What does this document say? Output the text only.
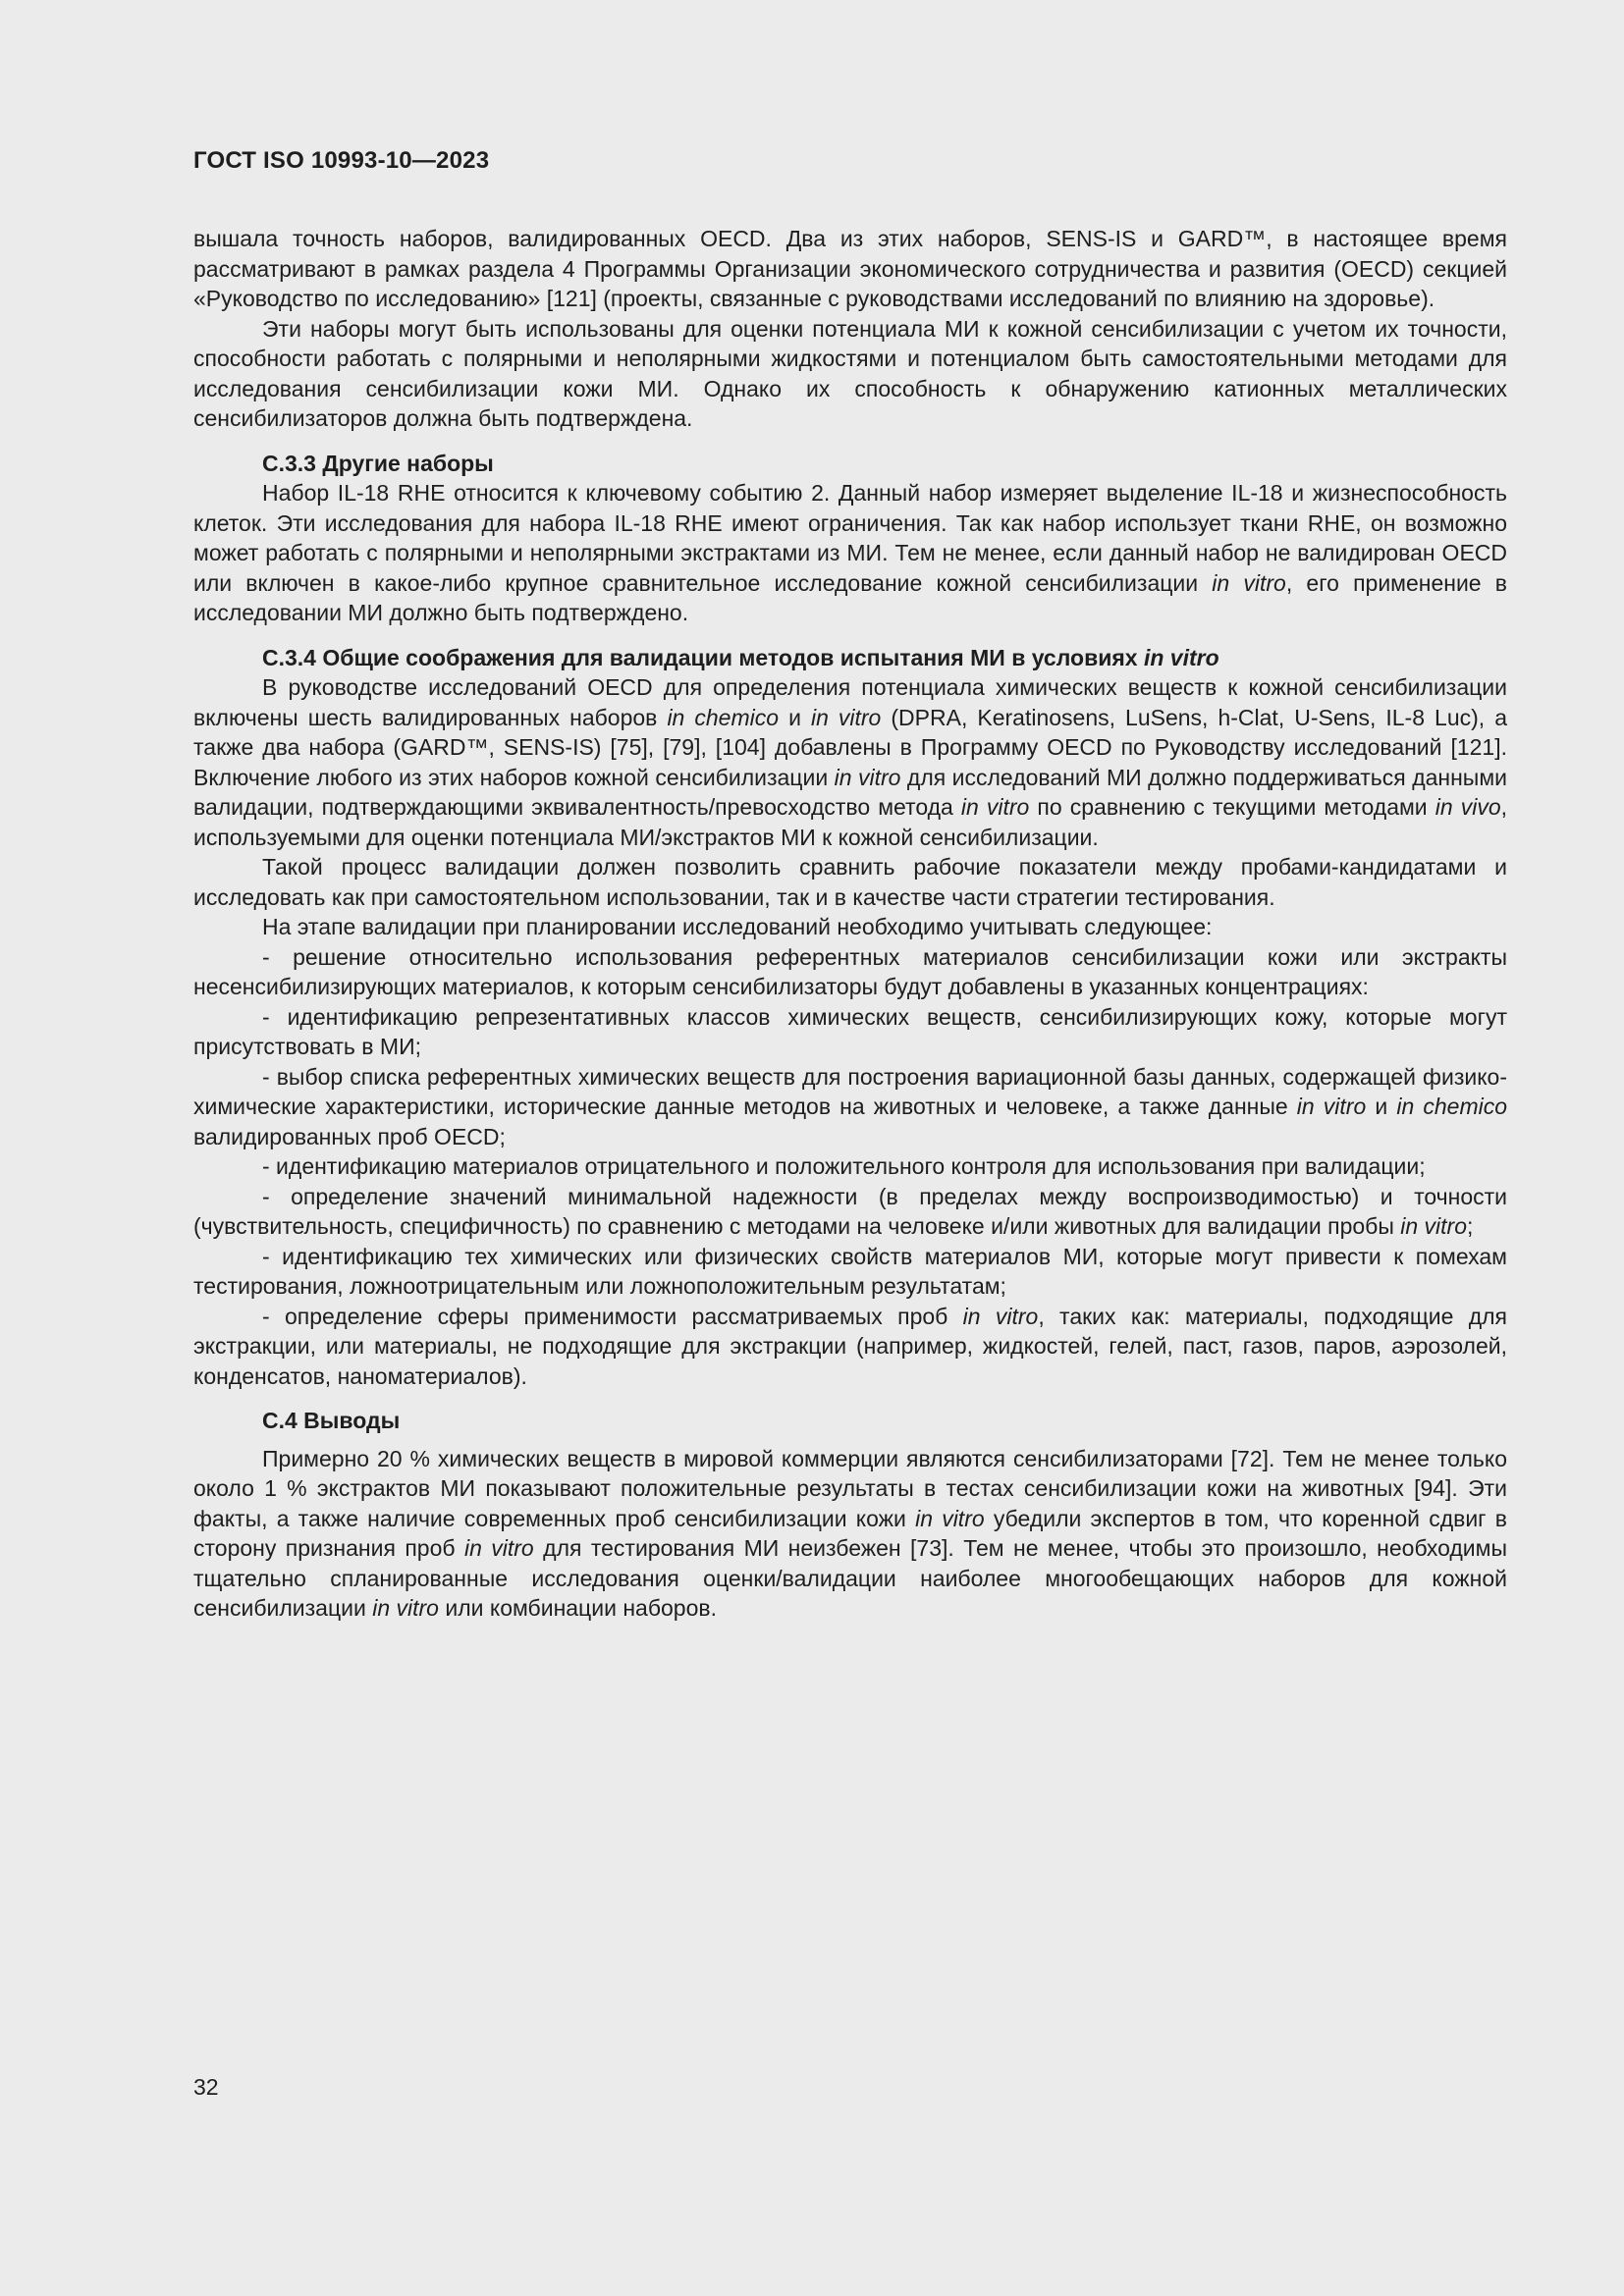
ГОСТ ISO 10993-10—2023

вышала точность наборов, валидированных OECD. Два из этих наборов, SENS-IS и GARD™, в настоящее время рассматривают в рамках раздела 4 Программы Организации экономического сотрудничества и развития (OECD) секцией «Руководство по исследованию» [121] (проекты, связанные с руководствами исследований по влиянию на здоровье).

Эти наборы могут быть использованы для оценки потенциала МИ к кожной сенсибилизации с учетом их точности, способности работать с полярными и неполярными жидкостями и потенциалом быть самостоятельными методами для исследования сенсибилизации кожи МИ. Однако их способность к обнаружению катионных металлических сенсибилизаторов должна быть подтверждена.

С.3.3 Другие наборы

Набор IL-18 RHE относится к ключевому событию 2. Данный набор измеряет выделение IL-18 и жизнеспособность клеток. Эти исследования для набора IL-18 RHE имеют ограничения. Так как набор использует ткани RHE, он возможно может работать с полярными и неполярными экстрактами из МИ. Тем не менее, если данный набор не валидирован OECD или включен в какое-либо крупное сравнительное исследование кожной сенсибилизации in vitro, его применение в исследовании МИ должно быть подтверждено.

С.3.4 Общие соображения для валидации методов испытания МИ в условиях in vitro

В руководстве исследований OECD для определения потенциала химических веществ к кожной сенсибилизации включены шесть валидированных наборов in chemico и in vitro (DPRA, Keratinosens, LuSens, h-Clat, U-Sens, IL-8 Luc), а также два набора (GARD™, SENS-IS) [75], [79], [104] добавлены в Программу OECD по Руководству исследований [121]. Включение любого из этих наборов кожной сенсибилизации in vitro для исследований МИ должно поддерживаться данными валидации, подтверждающими эквивалентность/превосходство метода in vitro по сравнению с текущими методами in vivo, используемыми для оценки потенциала МИ/экстрактов МИ к кожной сенсибилизации.

Такой процесс валидации должен позволить сравнить рабочие показатели между пробами-кандидатами и исследовать как при самостоятельном использовании, так и в качестве части стратегии тестирования.

На этапе валидации при планировании исследований необходимо учитывать следующее:

- решение относительно использования референтных материалов сенсибилизации кожи или экстракты несенсибилизирующих материалов, к которым сенсибилизаторы будут добавлены в указанных концентрациях:

- идентификацию репрезентативных классов химических веществ, сенсибилизирующих кожу, которые могут присутствовать в МИ;

- выбор списка референтных химических веществ для построения вариационной базы данных, содержащей физико-химические характеристики, исторические данные методов на животных и человеке, а также данные in vitro и in chemico валидированных проб OECD;

- идентификацию материалов отрицательного и положительного контроля для использования при валидации;

- определение значений минимальной надежности (в пределах между воспроизводимостью) и точности (чувствительность, специфичность) по сравнению с методами на человеке и/или животных для валидации пробы in vitro;

- идентификацию тех химических или физических свойств материалов МИ, которые могут привести к помехам тестирования, ложноотрицательным или ложноположительным результатам;

- определение сферы применимости рассматриваемых проб in vitro, таких как: материалы, подходящие для экстракции, или материалы, не подходящие для экстракции (например, жидкостей, гелей, паст, газов, паров, аэрозолей, конденсатов, наноматериалов).

С.4 Выводы

Примерно 20 % химических веществ в мировой коммерции являются сенсибилизаторами [72]. Тем не менее только около 1 % экстрактов МИ показывают положительные результаты в тестах сенсибилизации кожи на животных [94]. Эти факты, а также наличие современных проб сенсибилизации кожи in vitro убедили экспертов в том, что коренной сдвиг в сторону признания проб in vitro для тестирования МИ неизбежен [73]. Тем не менее, чтобы это произошло, необходимы тщательно спланированные исследования оценки/валидации наиболее многообещающих наборов для кожной сенсибилизации in vitro или комбинации наборов.

32
